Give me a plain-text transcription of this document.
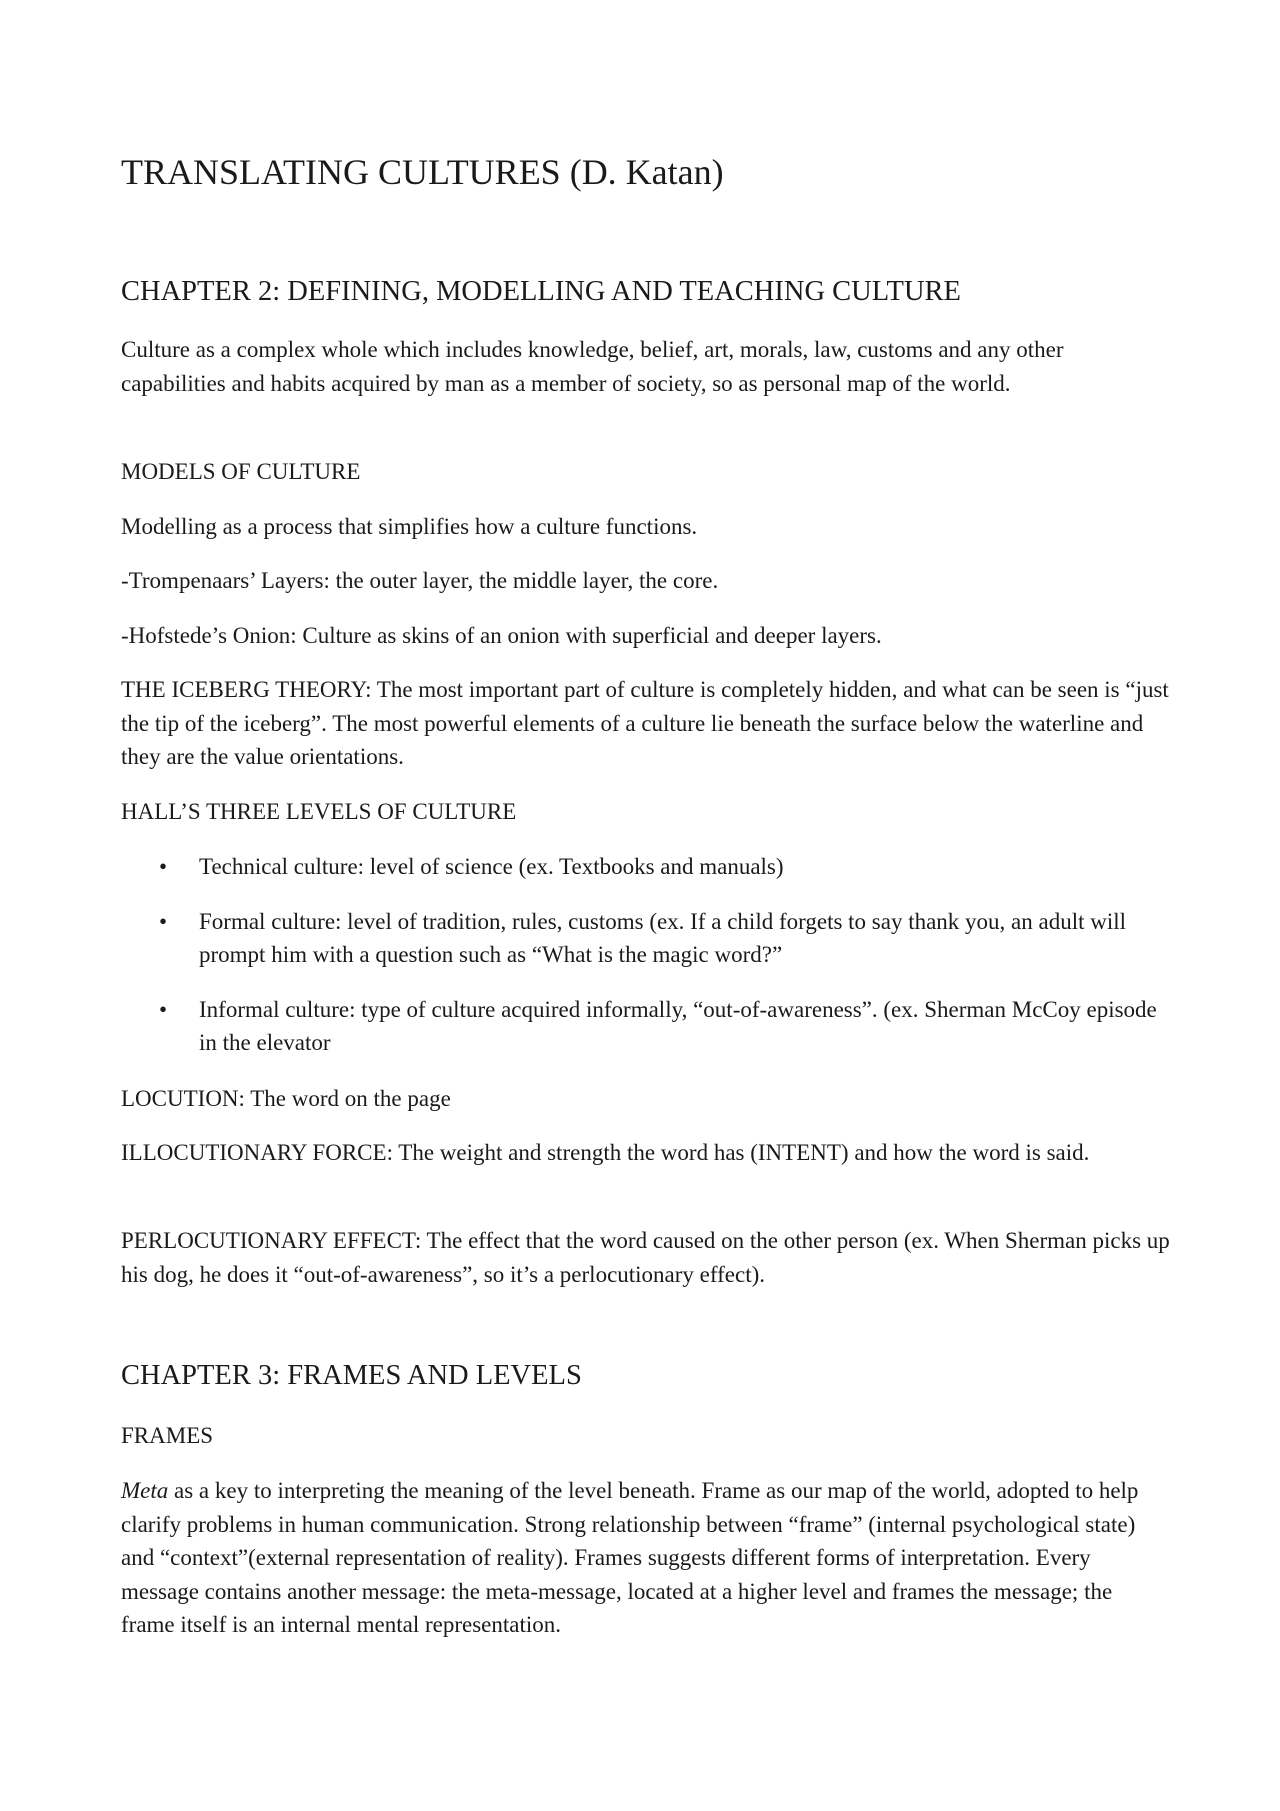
TRANSLATING CULTURES (D. Katan)
CHAPTER 2: DEFINING, MODELLING AND TEACHING CULTURE

Culture as a complex whole which includes knowledge, belief, art, morals, law, customs and any other capabilities and habits acquired by man as a member of society, so as personal map of the world.

MODELS OF CULTURE

Modelling as a process that simplifies how a culture functions.

-Trompenaars’ Layers: the outer layer, the middle layer, the core.

-Hofstede’s Onion: Culture as skins of an onion with superficial and deeper layers.

THE ICEBERG THEORY: The most important part of culture is completely hidden, and what can be seen is “just the tip of the iceberg”. The most powerful elements of a culture lie beneath the surface below the waterline and they are the value orientations.

HALL’S THREE LEVELS OF CULTURE

• Technical culture: level of science (ex. Textbooks and manuals)
• Formal culture: level of tradition, rules, customs (ex. If a child forgets to say thank you, an adult will prompt him with a question such as “What is the magic word?”
• Informal culture: type of culture acquired informally, “out-of-awareness”. (ex. Sherman McCoy episode in the elevator

LOCUTION: The word on the page

ILLOCUTIONARY FORCE: The weight and strength the word has (INTENT) and how the word is said.

PERLOCUTIONARY EFFECT: The effect that the word caused on the other person (ex. When Sherman picks up his dog, he does it “out-of-awareness”, so it’s a perlocutionary effect).

CHAPTER 3: FRAMES AND LEVELS

FRAMES

Meta as a key to interpreting the meaning of the level beneath. Frame as our map of the world, adopted to help clarify problems in human communication. Strong relationship between “frame” (internal psychological state) and “context”(external representation of reality). Frames suggests different forms of interpretation. Every message contains another message: the meta-message, located at a higher level and frames the message; the frame itself is an internal mental representation.
